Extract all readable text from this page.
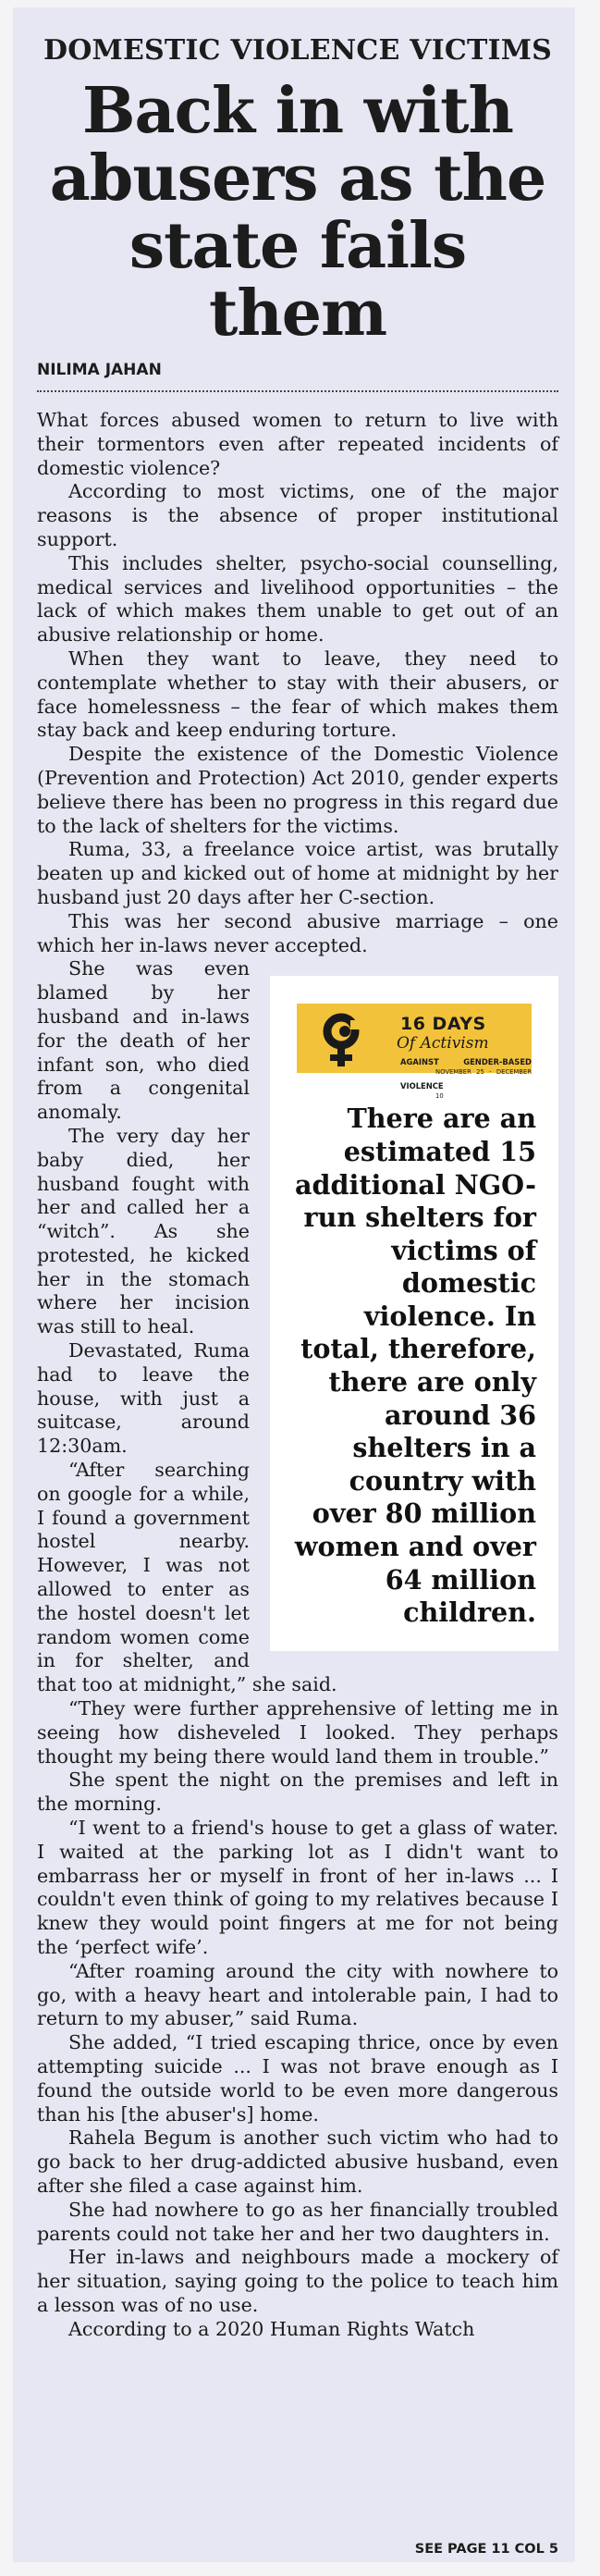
DOMESTIC VIOLENCE VICTIMS
Back in with
abusers as the
state fails them
NILIMA JAHAN

What forces abused women to return to live with their tormentors even after repeated incidents of domestic violence?

According to most victims, one of the major reasons is the absence of proper institutional support.

This includes shelter, psycho-social counselling, medical services and livelihood opportunities – the lack of which makes them unable to get out of an abusive relationship or home.

When they want to leave, they need to contemplate whether to stay with their abusers, or face homelessness – the fear of which makes them stay back and keep enduring torture.

Despite the existence of the Domestic Violence (Prevention and Protection) Act 2010, gender experts believe there has been no progress in this regard due to the lack of shelters for the victims.

Ruma, 33, a freelance voice artist, was brutally beaten up and kicked out of home at midnight by her husband just 20 days after her C-section.

This was her second abusive marriage – one which her in-laws never accepted.

16 DAYS
Of Activism
AGAINST GENDER-BASED VIOLENCE
NOVEMBER 25 - DECEMBER 10
There are an estimated 15 additional NGO-run shelters for victims of domestic violence. In total, therefore, there are only around 36 shelters in a country with over 80 million women and over 64 million children.

She was even blamed by her husband and in-laws for the death of her infant son, who died from a congenital anomaly.

The very day her baby died, her husband fought with her and called her a “witch”. As she protested, he kicked her in the stomach where her incision was still to heal.

Devastated, Ruma had to leave the house, with just a suitcase, around 12:30am.

“After searching on google for a while, I found a government hostel nearby. However, I was not allowed to enter as the hostel doesn't let random women come in for shelter, and that too at midnight,” she said.

“They were further apprehensive of letting me in seeing how disheveled I looked. They perhaps thought my being there would land them in trouble.”

She spent the night on the premises and left in the morning.

“I went to a friend's house to get a glass of water. I waited at the parking lot as I didn't want to embarrass her or myself in front of her in-laws ... I couldn't even think of going to my relatives because I knew they would point fingers at me for not being the ‘perfect wife’.

“After roaming around the city with nowhere to go, with a heavy heart and intolerable pain, I had to return to my abuser,” said Ruma.

She added, “I tried escaping thrice, once by even attempting suicide ... I was not brave enough as I found the outside world to be even more dangerous than his [the abuser's] home.

Rahela Begum is another such victim who had to go back to her drug-addicted abusive husband, even after she filed a case against him.

She had nowhere to go as her financially troubled parents could not take her and her two daughters in.

Her in-laws and neighbours made a mockery of her situation, saying going to the police to teach him a lesson was of no use.

According to a 2020 Human Rights Watch

SEE PAGE 11 COL 5
